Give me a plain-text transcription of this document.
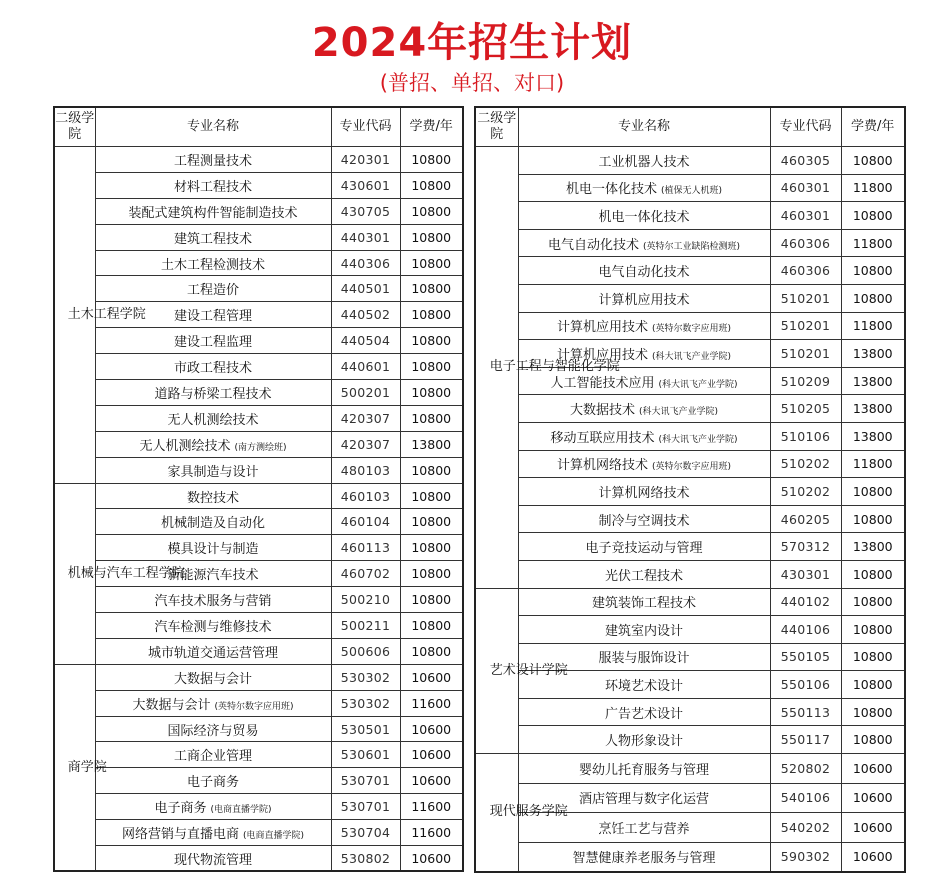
2024年招生计划
(普招、单招、对口)
二级学院	专业名称	专业代码	学费/年
土木工程学院	工程测量技术	420301	10800
	材料工程技术	430601	10800
	装配式建筑构件智能制造技术	430705	10800
	建筑工程技术	440301	10800
	土木工程检测技术	440306	10800
	工程造价	440501	10800
	建设工程管理	440502	10800
	建设工程监理	440504	10800
	市政工程技术	440601	10800
	道路与桥梁工程技术	500201	10800
	无人机测绘技术	420307	10800
	无人机测绘技术 (南方测绘班)	420307	13800
	家具制造与设计	480103	10800
机械与汽车工程学院	数控技术	460103	10800
	机械制造及自动化	460104	10800
	模具设计与制造	460113	10800
	新能源汽车技术	460702	10800
	汽车技术服务与营销	500210	10800
	汽车检测与维修技术	500211	10800
	城市轨道交通运营管理	500606	10800
商学院	大数据与会计	530302	10600
	大数据与会计 (英特尔数字应用班)	530302	11600
	国际经济与贸易	530501	10600
	工商企业管理	530601	10600
	电子商务	530701	10600
	电子商务 (电商直播学院)	530701	11600
	网络营销与直播电商 (电商直播学院)	530704	11600
	现代物流管理	530802	10600
二级学院	专业名称	专业代码	学费/年
电子工程与智能化学院	工业机器人技术	460305	10800
	机电一体化技术 (植保无人机班)	460301	11800
	机电一体化技术	460301	10800
	电气自动化技术 (英特尔工业缺陷检测班)	460306	11800
	电气自动化技术	460306	10800
	计算机应用技术	510201	10800
	计算机应用技术 (英特尔数字应用班)	510201	11800
	计算机应用技术 (科大讯飞产业学院)	510201	13800
	人工智能技术应用 (科大讯飞产业学院)	510209	13800
	大数据技术 (科大讯飞产业学院)	510205	13800
	移动互联应用技术 (科大讯飞产业学院)	510106	13800
	计算机网络技术 (英特尔数字应用班)	510202	11800
	计算机网络技术	510202	10800
	制冷与空调技术	460205	10800
	电子竞技运动与管理	570312	13800
	光伏工程技术	430301	10800
艺术设计学院	建筑装饰工程技术	440102	10800
	建筑室内设计	440106	10800
	服装与服饰设计	550105	10800
	环境艺术设计	550106	10800
	广告艺术设计	550113	10800
	人物形象设计	550117	10800
现代服务学院	婴幼儿托育服务与管理	520802	10600
	酒店管理与数字化运营	540106	10600
	烹饪工艺与营养	540202	10600
	智慧健康养老服务与管理	590302	10600
